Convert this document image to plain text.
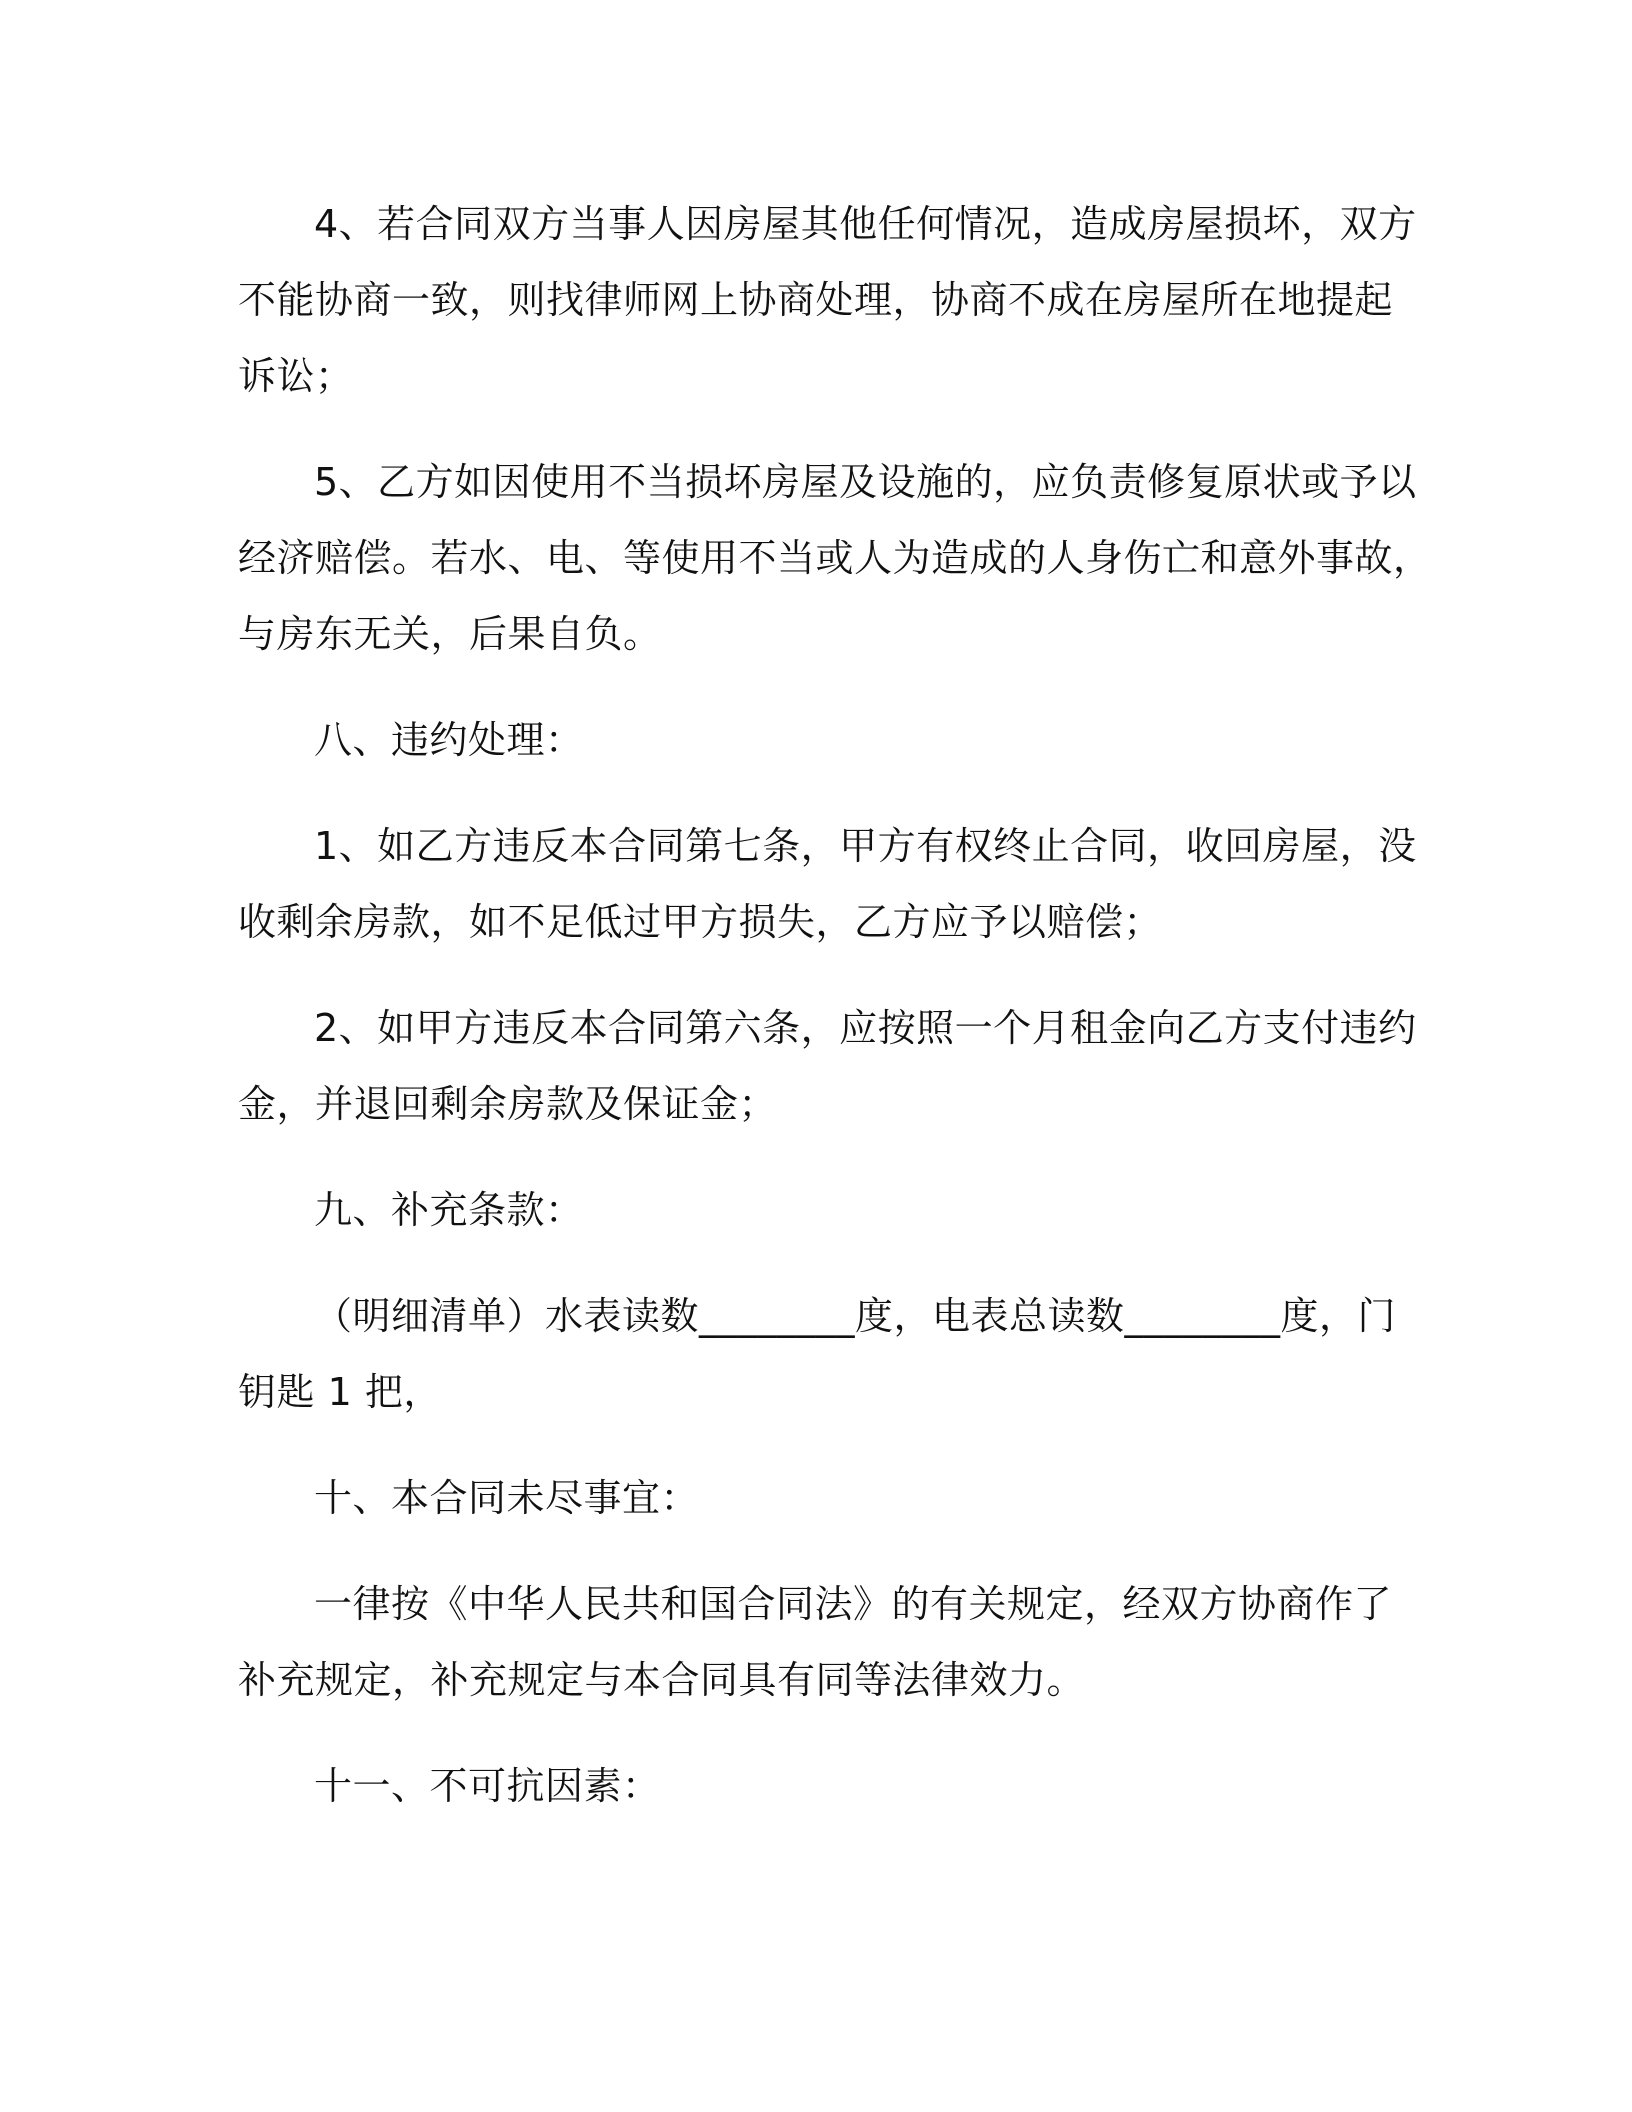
4、若合同双方当事人因房屋其他任何情况，造成房屋损坏，双方
不能协商一致，则找律师网上协商处理，协商不成在房屋所在地提起
诉讼；
5、乙方如因使用不当损坏房屋及设施的，应负责修复原状或予以
经济赔偿。若水、电、等使用不当或人为造成的人身伤亡和意外事故，
与房东无关，后果自负。
八、违约处理：
1、如乙方违反本合同第七条，甲方有权终止合同，收回房屋，没
收剩余房款，如不足低过甲方损失，乙方应予以赔偿；
2、如甲方违反本合同第六条，应按照一个月租金向乙方支付违约
金，并退回剩余房款及保证金；
九、补充条款：
（明细清单）水表读数________度，电表总读数________度，门
钥匙 1 把，
十、本合同未尽事宜：
一律按《中华人民共和国合同法》的有关规定，经双方协商作了
补充规定，补充规定与本合同具有同等法律效力。
十一、不可抗因素：
